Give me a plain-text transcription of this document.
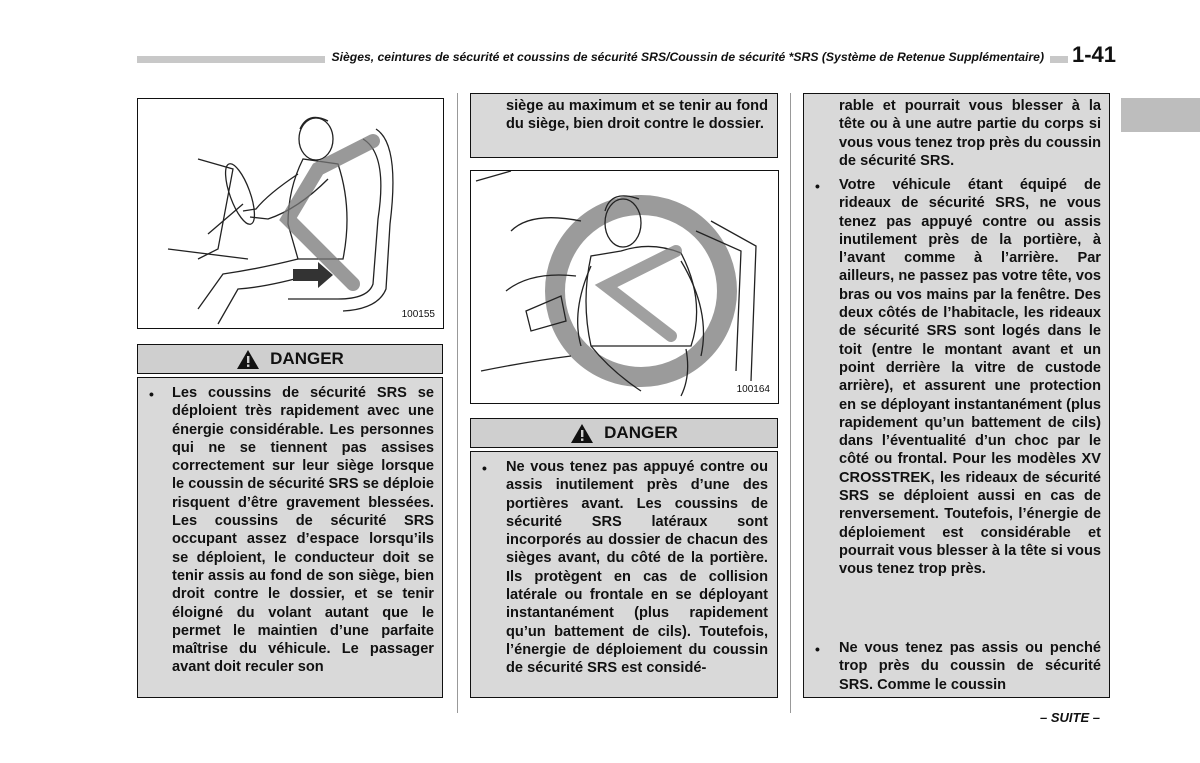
Sièges, ceintures de sécurité et coussins de sécurité SRS/Coussin de sécurité *SRS (Système de Retenue Supplémentaire) 1-41
100155
DANGER
• Les coussins de sécurité SRS se déploient très rapidement avec une énergie considérable. Les personnes qui ne se tiennent pas assises correctement sur leur siège lorsque le coussin de sécurité SRS se déploie risquent d’être gravement blessées. Les coussins de sécurité SRS occupant assez d’espace lorsqu’ils se déploient, le conducteur doit se tenir assis au fond de son siège, bien droit contre le dossier, et se tenir éloigné du volant autant que le permet le maintien d’une parfaite maîtrise du véhicule. Le passager avant doit reculer son

siège au maximum et se tenir au fond du siège, bien droit contre le dossier.

100164
DANGER
• Ne vous tenez pas appuyé contre ou assis inutilement près d’une des portières avant. Les coussins de sécurité SRS latéraux sont incorporés au dossier de chacun des sièges avant, du côté de la portière. Ils protègent en cas de collision latérale ou frontale en se déployant instantanément (plus rapidement qu’un battement de cils). Toutefois, l’énergie de déploiement du coussin de sécurité SRS est considé-

rable et pourrait vous blesser à la tête ou à une autre partie du corps si vous vous tenez trop près du coussin de sécurité SRS.

• Votre véhicule étant équipé de rideaux de sécurité SRS, ne vous tenez pas appuyé contre ou assis inutilement près de la portière, à l’avant comme à l’arrière. Par ailleurs, ne passez pas votre tête, vos bras ou vos mains par la fenêtre. Des deux côtés de l’habitacle, les rideaux de sécurité SRS sont logés dans le toit (entre le montant avant et un point derrière la vitre de custode arrière), et assurent une protection en se déployant instantanément (plus rapidement qu’un battement de cils) dans l’éventualité d’un choc par le côté ou frontal. Pour les modèles XV CROSSTREK, les rideaux de sécurité SRS se déploient aussi en cas de renversement. Toutefois, l’énergie de déploiement est considérable et pourrait vous blesser à la tête si vous vous tenez trop près.

• Ne vous tenez pas assis ou penché trop près du coussin de sécurité SRS. Comme le coussin

– SUITE –
